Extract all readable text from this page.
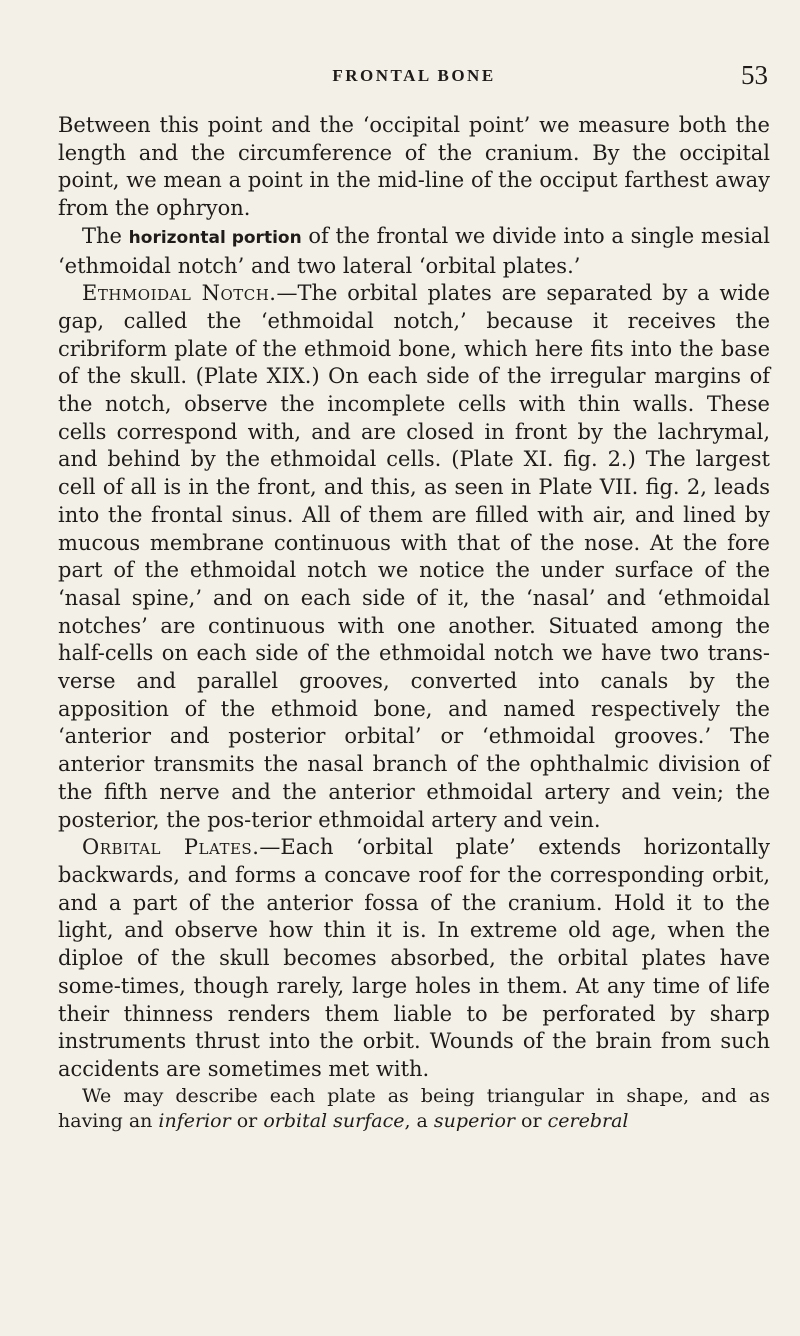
FRONTAL BONE	53

Between this point and the ‘occipital point’ we measure both the length and the circumference of the cranium. By the occipital point, we mean a point in the mid-line of the occiput farthest away from the ophryon.

The horizontal portion of the frontal we divide into a single mesial ‘ethmoidal notch’ and two lateral ‘orbital plates.’

Ethmoidal Notch.—The orbital plates are separated by a wide gap, called the ‘ethmoidal notch,’ because it receives the cribriform plate of the ethmoid bone, which here fits into the base of the skull. (Plate XIX.) On each side of the irregular margins of the notch, observe the incomplete cells with thin walls. These cells correspond with, and are closed in front by the lachrymal, and behind by the ethmoidal cells. (Plate XI. fig. 2.) The largest cell of all is in the front, and this, as seen in Plate VII. fig. 2, leads into the frontal sinus. All of them are filled with air, and lined by mucous membrane continuous with that of the nose. At the fore part of the ethmoidal notch we notice the under surface of the ‘nasal spine,’ and on each side of it, the ‘nasal’ and ‘ethmoidal notches’ are continuous with one another. Situated among the half-cells on each side of the ethmoidal notch we have two trans-verse and parallel grooves, converted into canals by the apposition of the ethmoid bone, and named respectively the ‘anterior and posterior orbital’ or ‘ethmoidal grooves.’ The anterior transmits the nasal branch of the ophthalmic division of the fifth nerve and the anterior ethmoidal artery and vein; the posterior, the pos-terior ethmoidal artery and vein.

Orbital Plates.—Each ‘orbital plate’ extends horizontally backwards, and forms a concave roof for the corresponding orbit, and a part of the anterior fossa of the cranium. Hold it to the light, and observe how thin it is. In extreme old age, when the diploe of the skull becomes absorbed, the orbital plates have some-times, though rarely, large holes in them. At any time of life their thinness renders them liable to be perforated by sharp instruments thrust into the orbit. Wounds of the brain from such accidents are sometimes met with.

We may describe each plate as being triangular in shape, and as having an inferior or orbital surface, a superior or cerebral
